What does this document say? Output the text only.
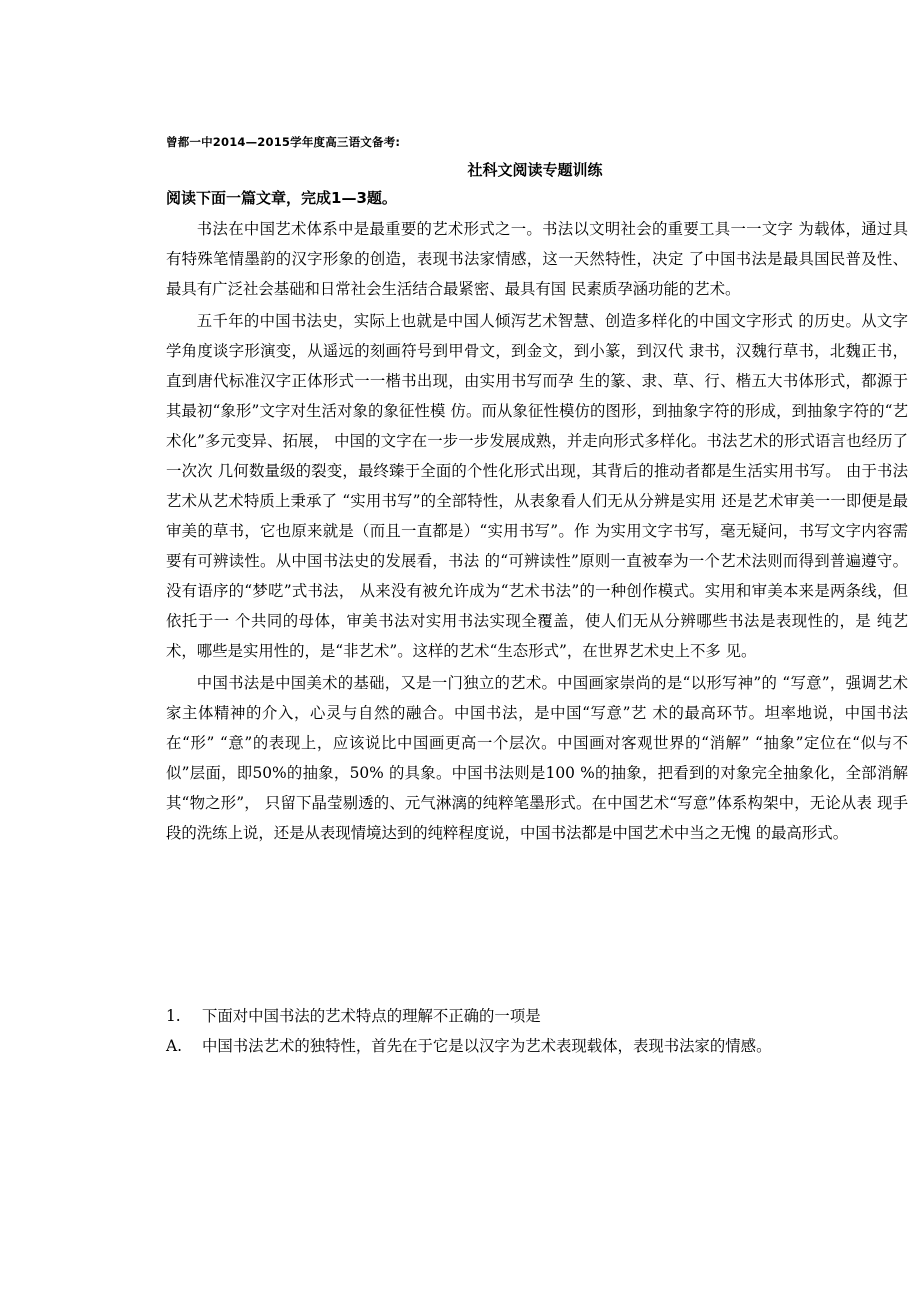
曾都一中2014—2015学年度高三语文备考:
社科文阅读专题训练
阅读下面一篇文章，完成1—3题。

书法在中国艺术体系中是最重要的艺术形式之一。书法以文明社会的重要工具一一文字 为载体，通过具有特殊笔情墨韵的汉字形象的创造，表现书法家情感，这一天然特性，决定 了中国书法是最具国民普及性、最具有广泛社会基础和日常社会生活结合最紧密、最具有国 民素质孕涵功能的艺术。

五千年的中国书法史，实际上也就是中国人倾泻艺术智慧、创造多样化的中国文字形式 的历史。从文字学角度谈字形演变，从遥远的刻画符号到甲骨文，到金文，到小篆，到汉代 隶书，汉魏行草书，北魏正书，直到唐代标准汉字正体形式一一楷书出现，由实用书写而孕 生的篆、隶、草、行、楷五大书体形式，都源于其最初“象形”文字对生活对象的象征性模 仿。而从象征性模仿的图形，到抽象字符的形成，到抽象字符的“艺术化”多元变异、拓展， 中国的文字在一步一步发展成熟，并走向形式多样化。书法艺术的形式语言也经历了一次次 几何数量级的裂变，最终臻于全面的个性化形式出现，其背后的推动者都是生活实用书写。 由于书法艺术从艺术特质上秉承了 “实用书写”的全部特性，从表象看人们无从分辨是实用 还是艺术审美一一即便是最审美的草书，它也原来就是（而且一直都是）“实用书写”。作 为实用文字书写，毫无疑问，书写文字内容需要有可辨读性。从中国书法史的发展看，书法 的“可辨读性”原则一直被奉为一个艺术法则而得到普遍遵守。没有语序的“梦呓”式书法， 从来没有被允许成为“艺术书法”的一种创作模式。实用和审美本来是两条线，但依托于一 个共同的母体，审美书法对实用书法实现全覆盖，使人们无从分辨哪些书法是表现性的，是 纯艺术，哪些是实用性的，是“非艺术”。这样的艺术“生态形式”，在世界艺术史上不多 见。

中国书法是中国美术的基础，又是一门独立的艺术。中国画家崇尚的是“以形写神”的 “写意”，强调艺术家主体精神的介入，心灵与自然的融合。中国书法，是中国“写意”艺 术的最高环节。坦率地说，中国书法在“形” “意”的表现上，应该说比中国画更高一个层次。中国画对客观世界的“消解” “抽象”定位在“似与不似”层面，即50%的抽象，50% 的具象。中国书法则是100 %的抽象，把看到的对象完全抽象化，全部消解其“物之形”， 只留下晶莹剔透的、元气淋漓的纯粹笔墨形式。在中国艺术“写意”体系构架中，无论从表 现手段的洗练上说，还是从表现情境达到的纯粹程度说，中国书法都是中国艺术中当之无愧 的最高形式。

1. 下面对中国书法的艺术特点的理解不正确的一项是
A. 中国书法艺术的独特性，首先在于它是以汉字为艺术表现载体，表现书法家的情感。
